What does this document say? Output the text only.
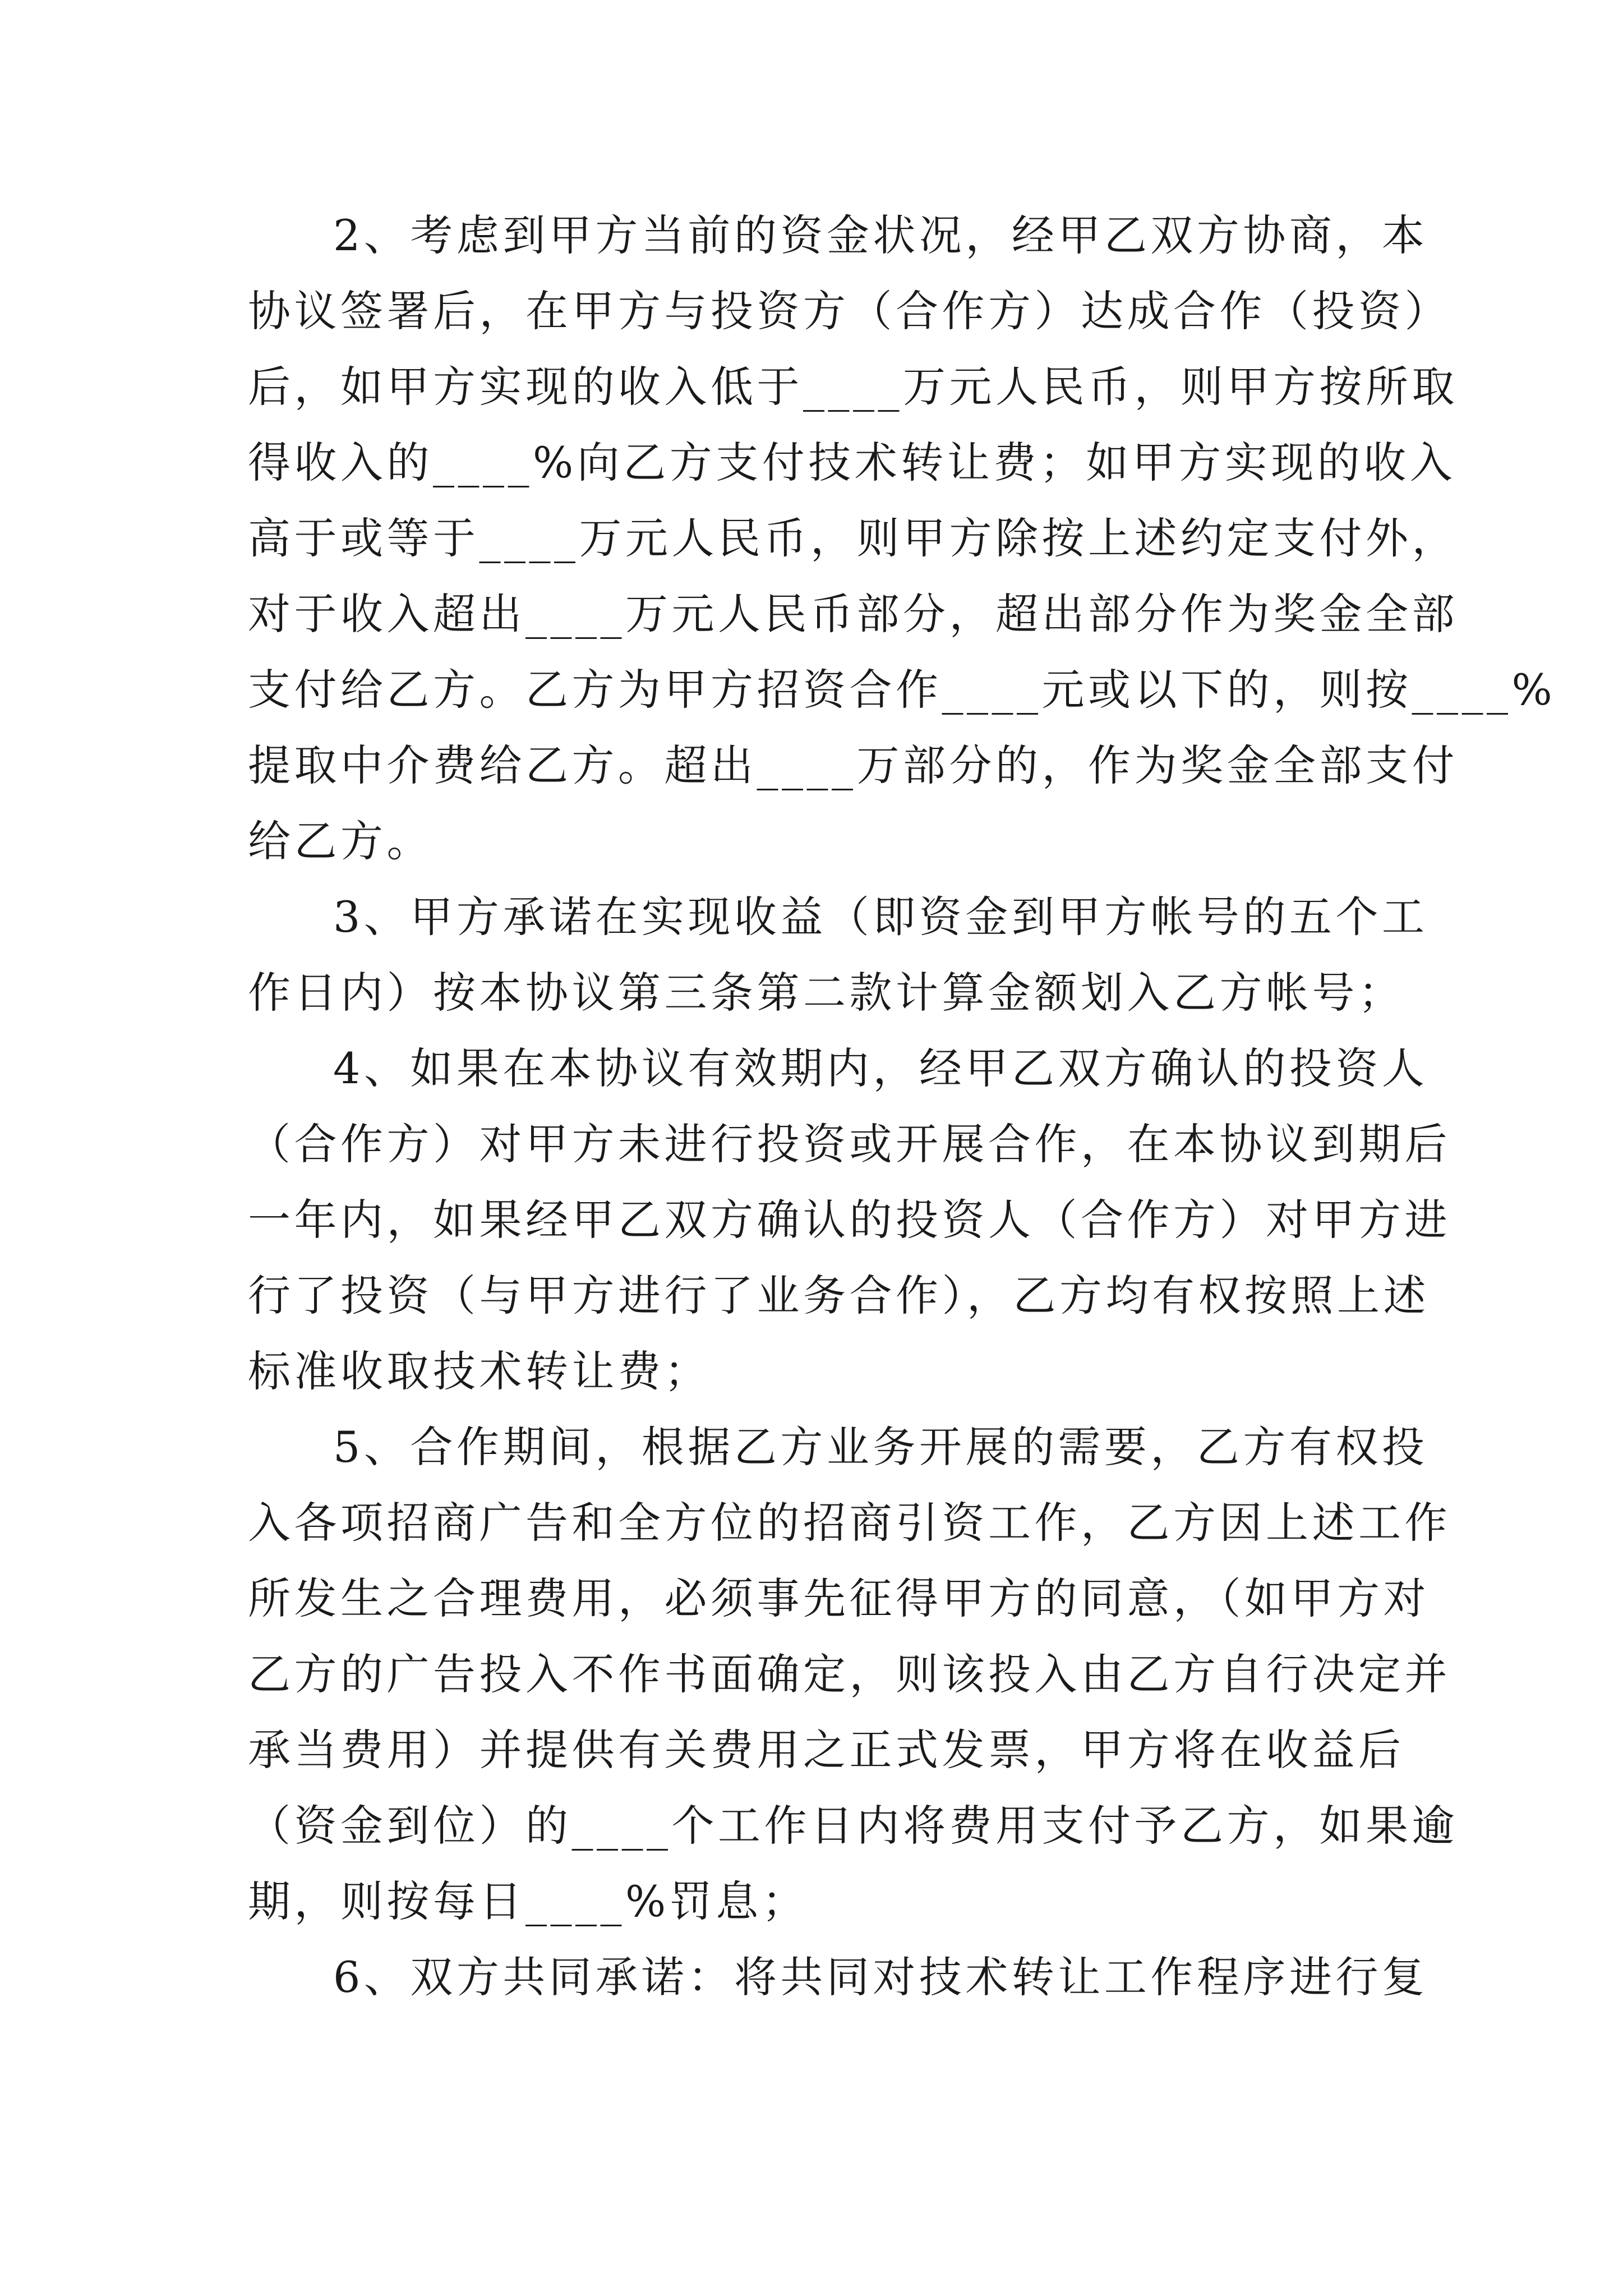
2、考虑到甲方当前的资金状况，经甲乙双方协商，本
协议签署后，在甲方与投资方（合作方）达成合作（投资）
后，如甲方实现的收入低于____万元人民币，则甲方按所取
得收入的____%向乙方支付技术转让费；如甲方实现的收入
高于或等于____万元人民币，则甲方除按上述约定支付外，
对于收入超出____万元人民币部分，超出部分作为奖金全部
支付给乙方。乙方为甲方招资合作____元或以下的，则按____%
提取中介费给乙方。超出____万部分的，作为奖金全部支付
给乙方。
3、甲方承诺在实现收益（即资金到甲方帐号的五个工
作日内）按本协议第三条第二款计算金额划入乙方帐号；
4、如果在本协议有效期内，经甲乙双方确认的投资人
（合作方）对甲方未进行投资或开展合作，在本协议到期后
一年内，如果经甲乙双方确认的投资人（合作方）对甲方进
行了投资（与甲方进行了业务合作），乙方均有权按照上述
标准收取技术转让费；
5、合作期间，根据乙方业务开展的需要，乙方有权投
入各项招商广告和全方位的招商引资工作，乙方因上述工作
所发生之合理费用，必须事先征得甲方的同意，（如甲方对
乙方的广告投入不作书面确定，则该投入由乙方自行决定并
承当费用）并提供有关费用之正式发票，甲方将在收益后
（资金到位）的____个工作日内将费用支付予乙方，如果逾
期，则按每日____%罚息；
6、双方共同承诺：将共同对技术转让工作程序进行复
